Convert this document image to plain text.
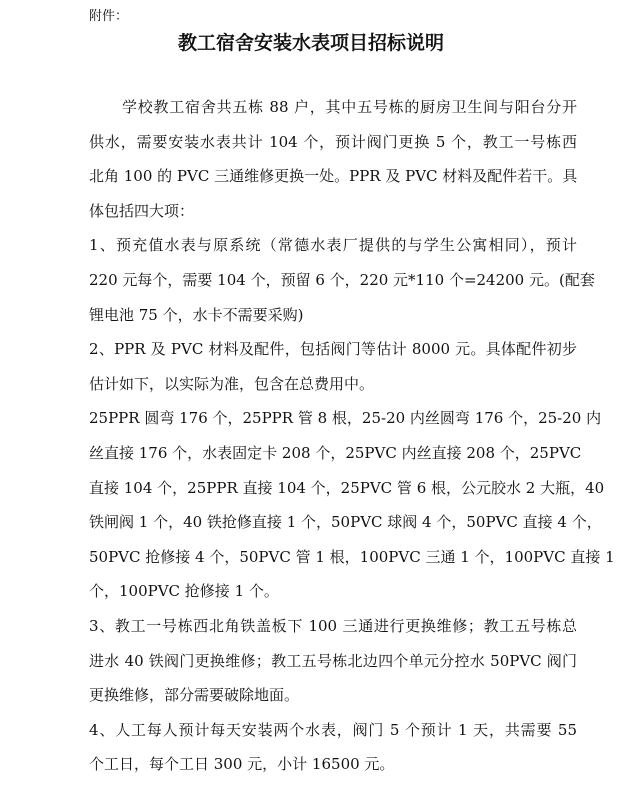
附件：
教工宿舍安装水表项目招标说明
学校教工宿舍共五栋 88 户，其中五号栋的厨房卫生间与阳台分开
供水，需要安装水表共计 104 个，预计阀门更换 5 个，教工一号栋西
北角 100 的 PVC 三通维修更换一处。PPR 及 PVC 材料及配件若干。具
体包括四大项：
1、预充值水表与原系统（常德水表厂提供的与学生公寓相同），预计
220 元每个，需要 104 个，预留 6 个，220 元*110 个=24200 元。(配套
锂电池 75 个，水卡不需要采购)
2、PPR 及 PVC 材料及配件，包括阀门等估计 8000 元。具体配件初步
估计如下，以实际为准，包含在总费用中。
25PPR 圆弯 176 个，25PPR 管 8 根，25-20 内丝圆弯 176 个，25-20 内
丝直接 176 个，水表固定卡 208 个，25PVC 内丝直接 208 个，25PVC
直接 104 个，25PPR 直接 104 个，25PVC 管 6 根，公元胶水 2 大瓶，40
铁闸阀 1 个，40 铁抢修直接 1 个，50PVC 球阀 4 个，50PVC 直接 4 个，
50PVC 抢修接 4 个，50PVC 管 1 根，100PVC 三通 1 个，100PVC 直接 1
个，100PVC 抢修接 1 个。
3、教工一号栋西北角铁盖板下 100 三通进行更换维修；教工五号栋总
进水 40 铁阀门更换维修；教工五号栋北边四个单元分控水 50PVC 阀门
更换维修，部分需要破除地面。
4、人工每人预计每天安装两个水表，阀门 5 个预计 1 天，共需要 55
个工日，每个工日 300 元，小计 16500 元。
